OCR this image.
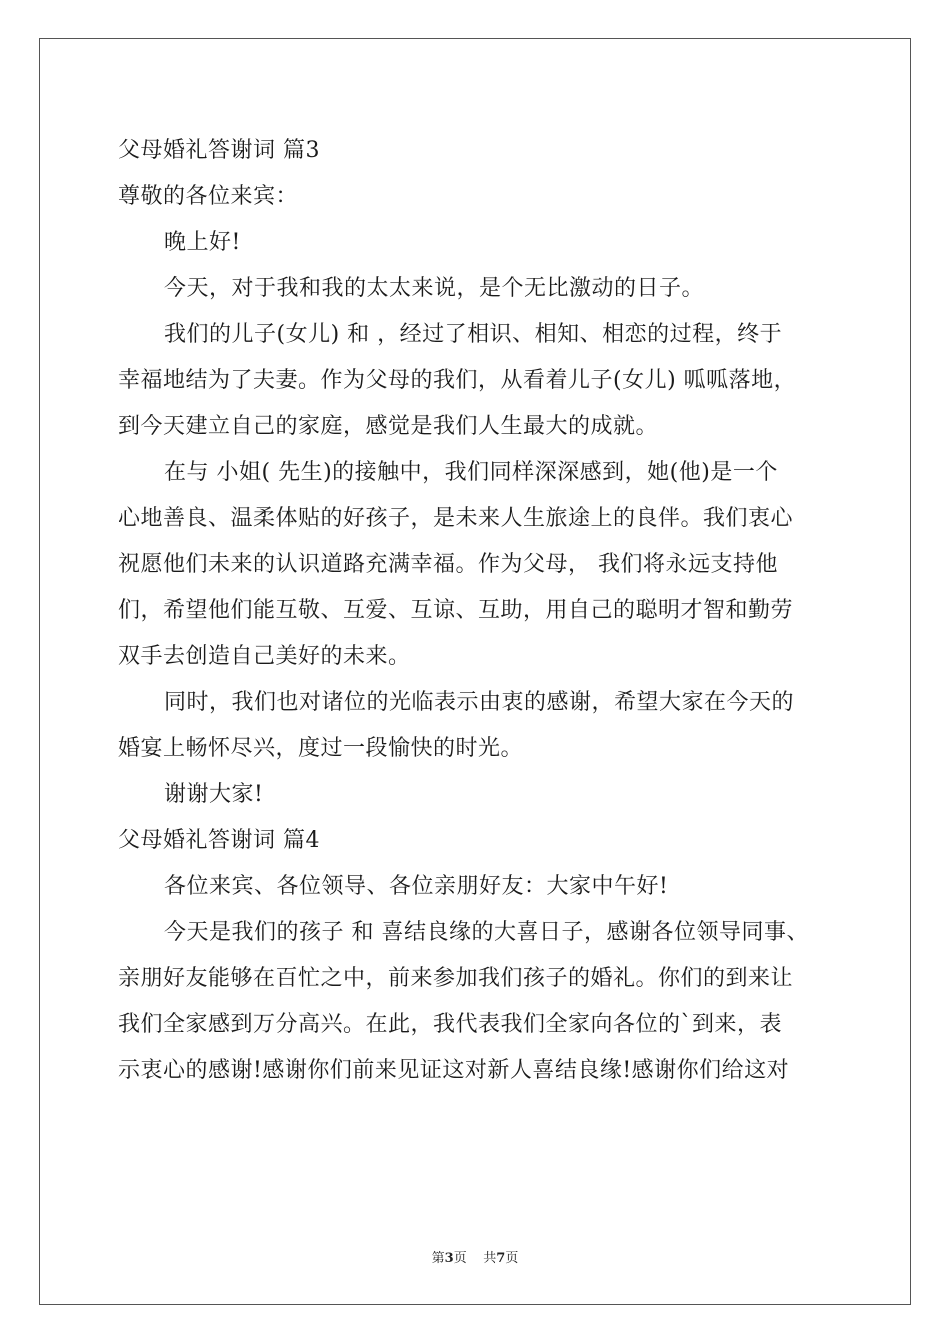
父母婚礼答谢词 篇3
尊敬的各位来宾：
晚上好!
今天，对于我和我的太太来说，是个无比激动的日子。
我们的儿子(女儿) 和 ，经过了相识、相知、相恋的过程，终于
幸福地结为了夫妻。作为父母的我们，从看着儿子(女儿) 呱呱落地，
到今天建立自己的家庭，感觉是我们人生最大的成就。
在与 小姐( 先生)的接触中，我们同样深深感到，她(他)是一个
心地善良、温柔体贴的好孩子，是未来人生旅途上的良伴。我们衷心
祝愿他们未来的认识道路充满幸福。作为父母， 我们将永远支持他
们，希望他们能互敬、互爱、互谅、互助，用自己的聪明才智和勤劳
双手去创造自己美好的未来。
同时，我们也对诸位的光临表示由衷的感谢，希望大家在今天的
婚宴上畅怀尽兴，度过一段愉快的时光。
谢谢大家!
父母婚礼答谢词 篇4
各位来宾、各位领导、各位亲朋好友：大家中午好!
今天是我们的孩子 和 喜结良缘的大喜日子，感谢各位领导同事、
亲朋好友能够在百忙之中，前来参加我们孩子的婚礼。你们的到来让
我们全家感到万分高兴。在此，我代表我们全家向各位的`到来，表
示衷心的感谢!感谢你们前来见证这对新人喜结良缘!感谢你们给这对
第3页 共7页
